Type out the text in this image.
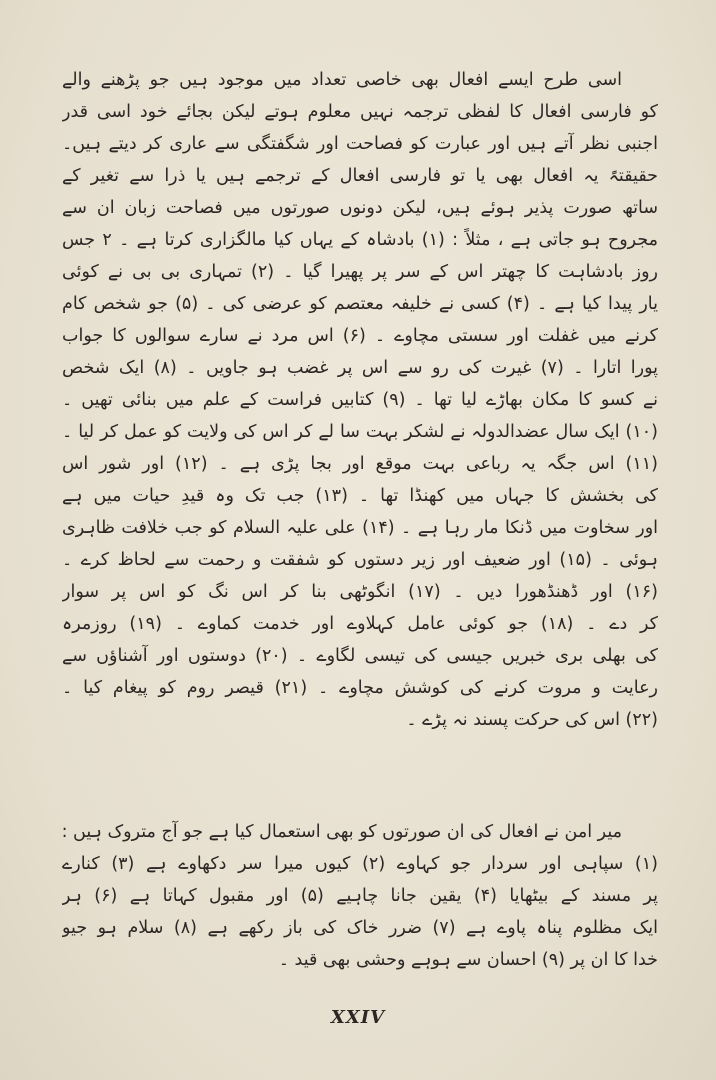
اسی طرح ایسے افعال بھی خاصی تعداد میں موجود ہیں جو پڑھنے والے
کو فارسی افعال کا لفظی ترجمہ نہیں معلوم ہوتے لیکن بجائے خود اسی قدر
اجنبی نظر آتے ہیں اور عبارت کو فصاحت اور شگفتگی سے عاری کر دیتے ہیں۔
حقیقتہً یہ افعال بھی یا تو فارسی افعال کے ترجمے ہیں یا ذرا سے تغیر کے
ساتھ صورت پذیر ہوئے ہیں، لیکن دونوں صورتوں میں فصاحت زبان ان سے
مجروح ہو جاتی ہے ، مثلاً : (۱) بادشاہ کے یہاں کیا مالگزاری کرتا ہے ۔ ۲ جس
روز بادشاہت کا چھتر اس کے سر پر پھیرا گیا ۔ (۲) تمہاری بی بی نے کوئی
یار پیدا کیا ہے ۔ (۴) کسی نے خلیفہ معتصم کو عرضی کی ۔ (۵) جو شخص کام
کرنے میں غفلت اور سستی مچاوے ۔ (۶) اس مرد نے سارے سوالوں کا جواب
پورا اتارا ۔ (۷) غیرت کی رو سے اس پر غضب ہو جاویں ۔ (۸) ایک شخص
نے کسو کا مکان بھاڑے لیا تھا ۔ (۹) کتابیں فراست کے علم میں بنائی تھیں ۔
(۱۰) ایک سال عضدالدولہ نے لشکر بہت سا لے کر اس کی ولایت کو عمل کر لیا ۔
(۱۱) اس جگہ یہ رباعی بہت موقع اور بجا پڑی ہے ۔ (۱۲) اور شور اس
کی بخشش کا جہاں میں کھنڈا تھا ۔ (۱۳) جب تک وہ قیدِ حیات میں ہے
اور سخاوت میں ڈنکا مار رہا ہے ۔ (۱۴) علی علیہ السلام کو جب خلافت ظاہری
ہوئی ۔ (۱۵) اور ضعیف اور زیر دستوں کو شفقت و رحمت سے لحاظ کرے ۔
(۱۶) اور ڈھنڈھورا دیں ۔ (۱۷) انگوٹھی بنا کر اس نگ کو اس پر سوار
کر دے ۔ (۱۸) جو کوئی عامل کہلاوے اور خدمت کماوے ۔ (۱۹) روزمرہ
کی بھلی بری خبریں جیسی کی تیسی لگاوے ۔ (۲۰) دوستوں اور آشناؤں سے
رعایت و مروت کرنے کی کوشش مچاوے ۔ (۲۱) قیصر روم کو پیغام کیا ۔
(۲۲) اس کی حرکت پسند نہ پڑے ۔
میر امن نے افعال کی ان صورتوں کو بھی استعمال کیا ہے جو آج متروک ہیں :
(۱) سپاہی اور سردار جو کہاوے (۲) کیوں میرا سر دکھاوے ہے (۳) کنارے
پر مسند کے بیٹھایا (۴) یقین جانا چاہیے (۵) اور مقبول کہاتا ہے (۶) ہر
ایک مظلوم پناہ پاوے ہے (۷) ضرر خاک کی باز رکھے ہے (۸) سلام ہو جیو
خدا کا ان پر (۹) احسان سے ہوہے وحشی بھی قید ۔
XXIV
